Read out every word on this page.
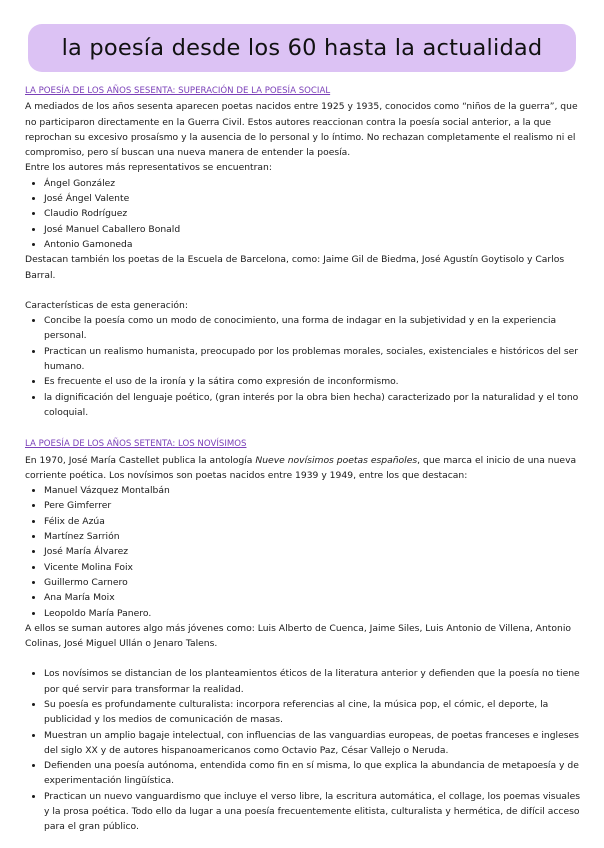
la poesía desde los 60 hasta la actualidad
LA POESÍA DE LOS AÑOS SESENTA: SUPERACIÓN DE LA POESÍA SOCIAL

A mediados de los años sesenta aparecen poetas nacidos entre 1925 y 1935, conocidos como “niños de la guerra”, que no participaron directamente en la Guerra Civil. Estos autores reaccionan contra la poesía social anterior, a la que reprochan su excesivo prosaísmo y la ausencia de lo personal y lo íntimo. No rechazan completamente el realismo ni el compromiso, pero sí buscan una nueva manera de entender la poesía.

Entre los autores más representativos se encuentran:

• Ángel González
• José Ángel Valente
• Claudio Rodríguez
• José Manuel Caballero Bonald
• Antonio Gamoneda

Destacan también los poetas de la Escuela de Barcelona, como: Jaime Gil de Biedma, José Agustín Goytisolo y Carlos Barral.

Características de esta generación:

• Concibe la poesía como un modo de conocimiento, una forma de indagar en la subjetividad y en la experiencia personal.
• Practican un realismo humanista, preocupado por los problemas morales, sociales, existenciales e históricos del ser humano.
• Es frecuente el uso de la ironía y la sátira como expresión de inconformismo.
• la dignificación del lenguaje poético, (gran interés por la obra bien hecha) caracterizado por la naturalidad y el tono coloquial.
LA POESÍA DE LOS AÑOS SETENTA: LOS NOVÍSIMOS

En 1970, José María Castellet publica la antología Nueve novísimos poetas españoles, que marca el inicio de una nueva corriente poética. Los novísimos son poetas nacidos entre 1939 y 1949, entre los que destacan:

• Manuel Vázquez Montalbán
• Pere Gimferrer
• Félix de Azúa
• Martínez Sarrión
• José María Álvarez
• Vicente Molina Foix
• Guillermo Carnero
• Ana María Moix
• Leopoldo María Panero.

A ellos se suman autores algo más jóvenes como: Luis Alberto de Cuenca, Jaime Siles, Luis Antonio de Villena, Antonio Colinas, José Miguel Ullán o Jenaro Talens.

• Los novísimos se distancian de los planteamientos éticos de la literatura anterior y defienden que la poesía no tiene por qué servir para transformar la realidad.
• Su poesía es profundamente culturalista: incorpora referencias al cine, la música pop, el cómic, el deporte, la publicidad y los medios de comunicación de masas.
• Muestran un amplio bagaje intelectual, con influencias de las vanguardias europeas, de poetas franceses e ingleses del siglo XX y de autores hispanoamericanos como Octavio Paz, César Vallejo o Neruda.
• Defienden una poesía autónoma, entendida como fin en sí misma, lo que explica la abundancia de metapoesía y de experimentación lingüística.
• Practican un nuevo vanguardismo que incluye el verso libre, la escritura automática, el collage, los poemas visuales y la prosa poética. Todo ello da lugar a una poesía frecuentemente elitista, culturalista y hermética, de difícil acceso para el gran público.
